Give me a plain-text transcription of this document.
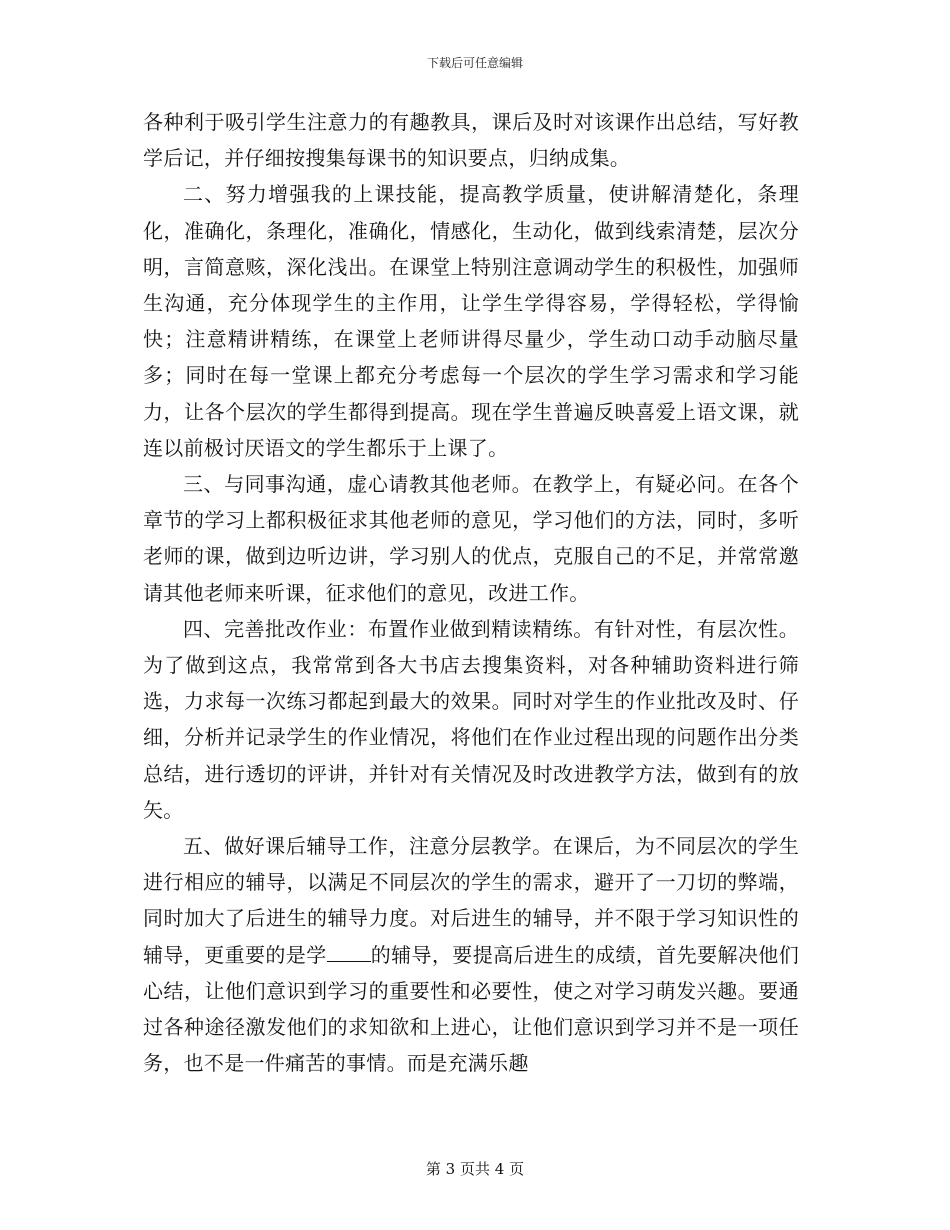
下载后可任意编辑

各种利于吸引学生注意力的有趣教具，课后及时对该课作出总结，写好教学后记，并仔细按搜集每课书的知识要点，归纳成集。

二、努力增强我的上课技能，提高教学质量，使讲解清楚化，条理化，准确化，条理化，准确化，情感化，生动化，做到线索清楚，层次分明，言简意赅，深化浅出。在课堂上特别注意调动学生的积极性，加强师生沟通，充分体现学生的主作用，让学生学得容易，学得轻松，学得愉快；注意精讲精练，在课堂上老师讲得尽量少，学生动口动手动脑尽量多；同时在每一堂课上都充分考虑每一个层次的学生学习需求和学习能力，让各个层次的学生都得到提高。现在学生普遍反映喜爱上语文课，就连以前极讨厌语文的学生都乐于上课了。

三、与同事沟通，虚心请教其他老师。在教学上，有疑必问。在各个章节的学习上都积极征求其他老师的意见，学习他们的方法，同时，多听老师的课，做到边听边讲，学习别人的优点，克服自己的不足，并常常邀请其他老师来听课，征求他们的意见，改进工作。

四、完善批改作业：布置作业做到精读精练。有针对性，有层次性。为了做到这点，我常常到各大书店去搜集资料，对各种辅助资料进行筛选，力求每一次练习都起到最大的效果。同时对学生的作业批改及时、仔细，分析并记录学生的作业情况，将他们在作业过程出现的问题作出分类总结，进行透切的评讲，并针对有关情况及时改进教学方法，做到有的放矢。

五、做好课后辅导工作，注意分层教学。在课后，为不同层次的学生进行相应的辅导，以满足不同层次的学生的需求，避开了一刀切的弊端，同时加大了后进生的辅导力度。对后进生的辅导，并不限于学习知识性的辅导，更重要的是学 的辅导，要提高后进生的成绩，首先要解决他们心结，让他们意识到学习的重要性和必要性，使之对学习萌发兴趣。要通过各种途径激发他们的求知欲和上进心，让他们意识到学习并不是一项任务，也不是一件痛苦的事情。而是充满乐趣

第 3 页共 4 页
